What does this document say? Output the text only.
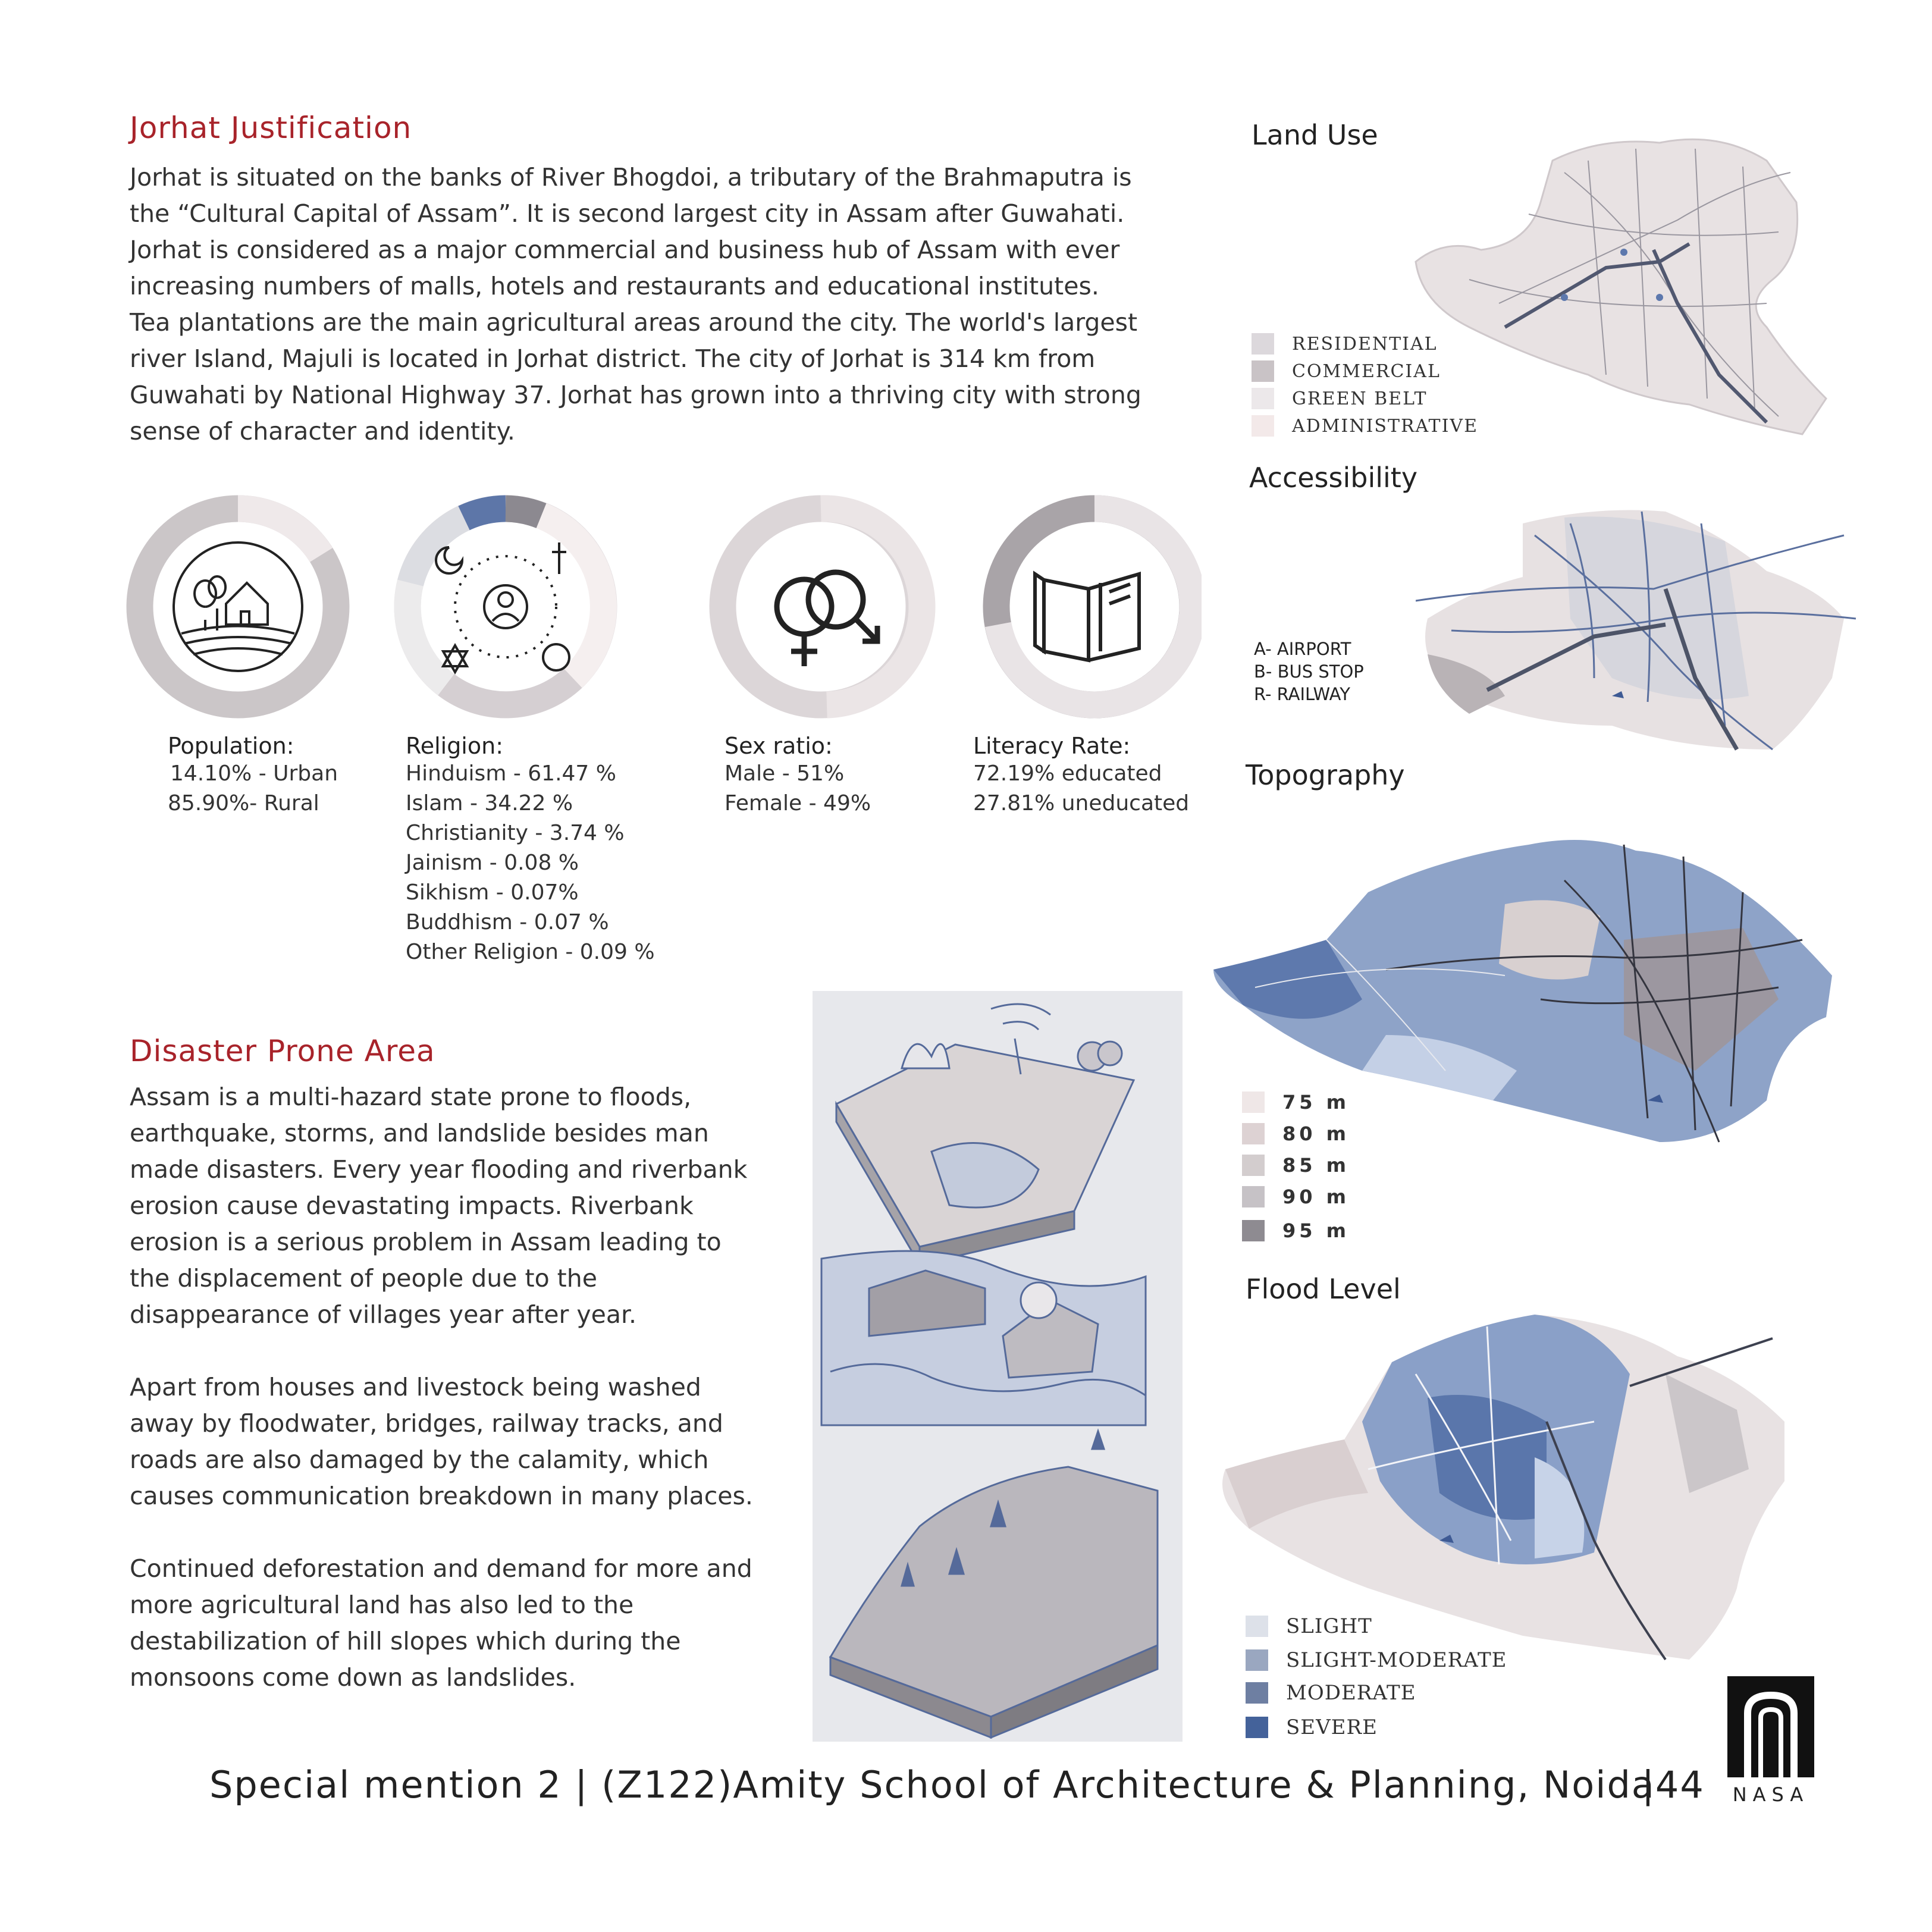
Jorhat Justification
Jorhat is situated on the banks of River Bhogdoi, a tributary of the Brahmaputra is
the “Cultural Capital of Assam”. It is second largest city in Assam after Guwahati.
Jorhat is considered as a major commercial and business hub of Assam with ever
increasing numbers of malls, hotels and restaurants and educational institutes.
Tea plantations are the main agricultural areas around the city. The world's largest
river Island, Majuli is located in Jorhat district. The city of Jorhat is 314 km from
Guwahati by National Highway 37. Jorhat has grown into a thriving city with strong
sense of character and identity.
Population:
14.10% - Urban
85.90%- Rural
Religion:
Hinduism - 61.47 %
Islam - 34.22 %
Christianity - 3.74 %
Jainism - 0.08 %
Sikhism - 0.07%
Buddhism - 0.07 %
Other Religion - 0.09 %
Sex ratio:
Male - 51%
Female - 49%
Literacy Rate:
72.19% educated
27.81% uneducated
Disaster Prone Area
Assam is a multi-hazard state prone to floods,
earthquake, storms, and landslide besides man
made disasters. Every year flooding and riverbank
erosion cause devastating impacts. Riverbank
erosion is a serious problem in Assam leading to
the displacement of people due to the
disappearance of villages year after year.
Apart from houses and livestock being washed
away by floodwater, bridges, railway tracks, and
roads are also damaged by the calamity, which
causes communication breakdown in many places.
Continued deforestation and demand for more and
more agricultural land has also led to the
destabilization of hill slopes which during the
monsoons come down as landslides.
Land Use
RESIDENTIAL
COMMERCIAL
GREEN BELT
ADMINISTRATIVE
Accessibility
A- AIRPORT
B- BUS STOP
R- RAILWAY
Topography
75 m
80 m
85 m
90 m
95 m
Flood Level
SLIGHT
SLIGHT-MODERATE
MODERATE
SEVERE
Special mention 2 | (Z122)Amity School of Architecture & Planning, Noida
|44 NASA
